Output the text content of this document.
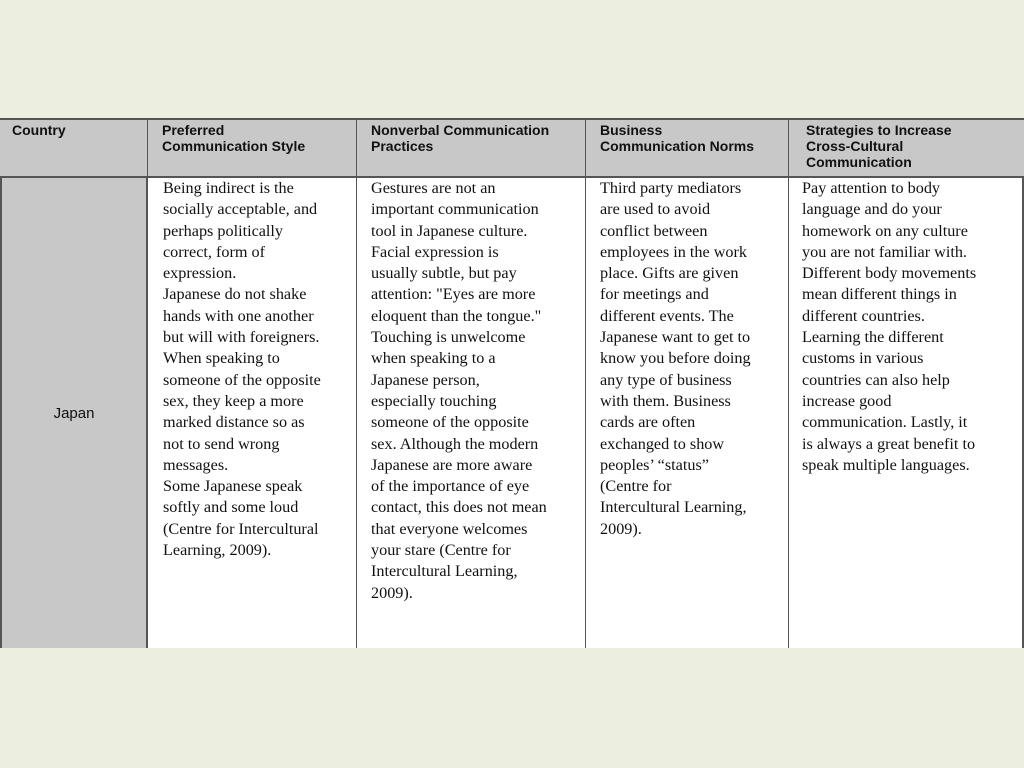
Country	Preferred
Communication Style
Nonverbal Communication
Practices
Business
Communication Norms
Strategies to Increase
Cross-Cultural
Communication
Japan
Being indirect is the
socially acceptable, and
perhaps politically
correct, form of
expression.
Japanese do not shake
hands with one another
but will with foreigners.
When speaking to
someone of the opposite
sex, they keep a more
marked distance so as
not to send wrong
messages.
Some Japanese speak
softly and some loud
(Centre for Intercultural
Learning, 2009).
Gestures are not an
important communication
tool in Japanese culture.
Facial expression is
usually subtle, but pay
attention: "Eyes are more
eloquent than the tongue."
Touching is unwelcome
when speaking to a
Japanese person,
especially touching
someone of the opposite
sex. Although the modern
Japanese are more aware
of the importance of eye
contact, this does not mean
that everyone welcomes
your stare (Centre for
Intercultural Learning,
2009).
Third party mediators
are used to avoid
conflict between
employees in the work
place. Gifts are given
for meetings and
different events. The
Japanese want to get to
know you before doing
any type of business
with them. Business
cards are often
exchanged to show
peoples’ “status”
(Centre for
Intercultural Learning,
2009).
Pay attention to body
language and do your
homework on any culture
you are not familiar with.
Different body movements
mean different things in
different countries.
Learning the different
customs in various
countries can also help
increase good
communication. Lastly, it
is always a great benefit to
speak multiple languages.
